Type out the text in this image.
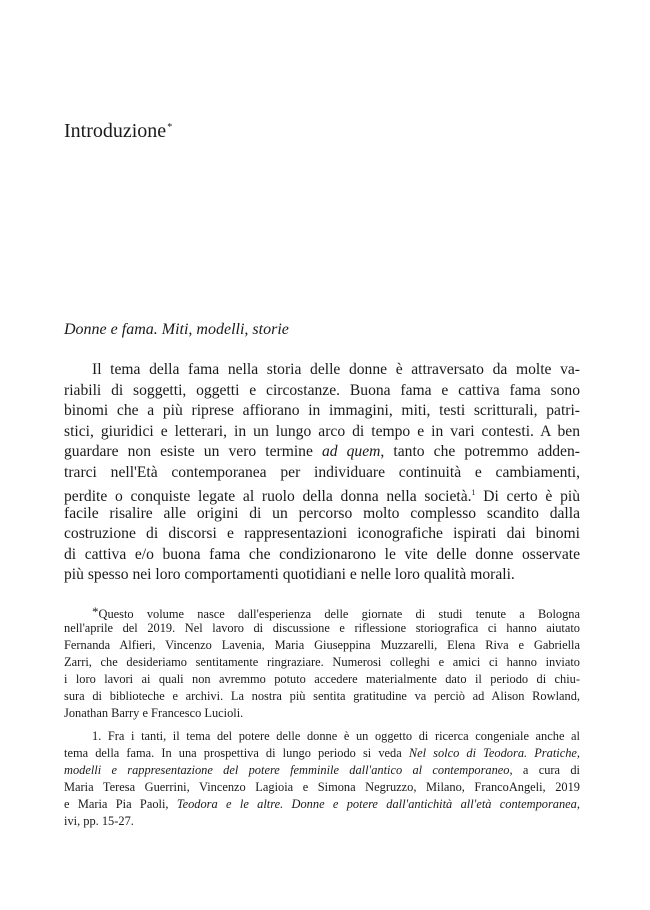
Introduzione*
Donne e fama. Miti, modelli, storie
Il tema della fama nella storia delle donne è attraversato da molte va-
riabili di soggetti, oggetti e circostanze. Buona fama e cattiva fama sono
binomi che a più riprese affiorano in immagini, miti, testi scritturali, patri-
stici, giuridici e letterari, in un lungo arco di tempo e in vari contesti. A ben
guardare non esiste un vero termine ad quem, tanto che potremmo adden-
trarci nell'Età contemporanea per individuare continuità e cambiamenti,
perdite o conquiste legate al ruolo della donna nella società.$^1$ Di certo è più
facile risalire alle origini di un percorso molto complesso scandito dalla
costruzione di discorsi e rappresentazioni iconografiche ispirati dai binomi
di cattiva e/o buona fama che condizionarono le vite delle donne osservate
più spesso nei loro comportamenti quotidiani e nelle loro qualità morali.
*Questo volume nasce dall'esperienza delle giornate di studi tenute a Bologna
nell'aprile del 2019. Nel lavoro di discussione e riflessione storiografica ci hanno aiutato
Fernanda Alfieri, Vincenzo Lavenia, Maria Giuseppina Muzzarelli, Elena Riva e Gabriella
Zarri, che desideriamo sentitamente ringraziare. Numerosi colleghi e amici ci hanno inviato
i loro lavori ai quali non avremmo potuto accedere materialmente dato il periodo di chiu-
sura di biblioteche e archivi. La nostra più sentita gratitudine va perciò ad Alison Rowland,
Jonathan Barry e Francesco Lucioli.
1. Fra i tanti, il tema del potere delle donne è un oggetto di ricerca congeniale anche al
tema della fama. In una prospettiva di lungo periodo si veda Nel solco di Teodora. Pratiche,
modelli e rappresentazione del potere femminile dall'antico al contemporaneo, a cura di
Maria Teresa Guerrini, Vincenzo Lagioia e Simona Negruzzo, Milano, FrancoAngeli, 2019
e Maria Pia Paoli, Teodora e le altre. Donne e potere dall'antichità all'età contemporanea,
ivi, pp. 15-27.
